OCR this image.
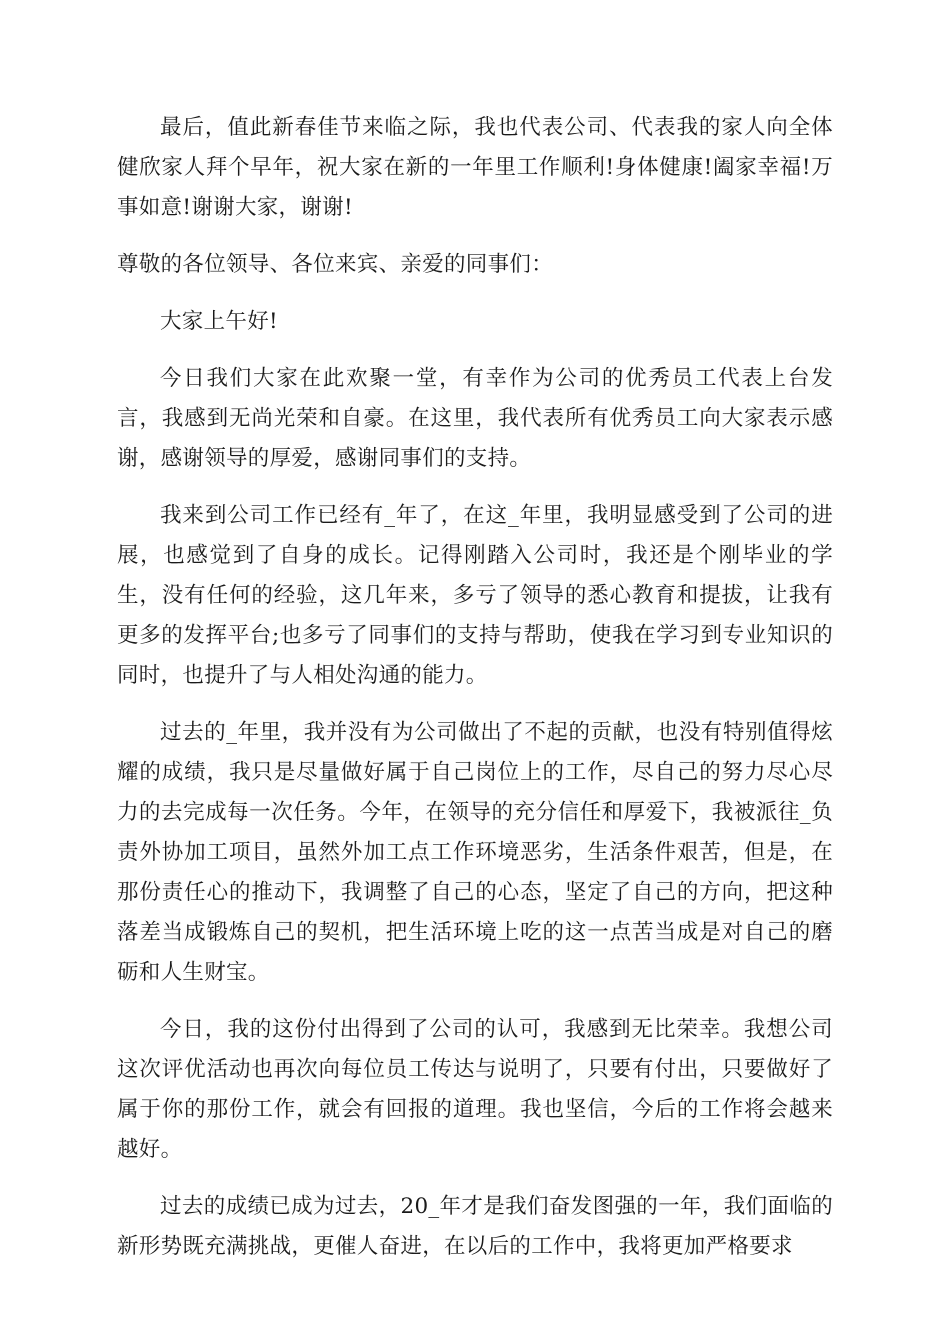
最后，值此新春佳节来临之际，我也代表公司、代表我的家人向全体健欣家人拜个早年，祝大家在新的一年里工作顺利!身体健康!阖家幸福!万事如意!谢谢大家，谢谢!

尊敬的各位领导、各位来宾、亲爱的同事们：

大家上午好!

今日我们大家在此欢聚一堂，有幸作为公司的优秀员工代表上台发言，我感到无尚光荣和自豪。在这里，我代表所有优秀员工向大家表示感谢，感谢领导的厚爱，感谢同事们的支持。

我来到公司工作已经有_年了，在这_年里，我明显感受到了公司的进展，也感觉到了自身的成长。记得刚踏入公司时，我还是个刚毕业的学生，没有任何的经验，这几年来，多亏了领导的悉心教育和提拔，让我有更多的发挥平台;也多亏了同事们的支持与帮助，使我在学习到专业知识的同时，也提升了与人相处沟通的能力。

过去的_年里，我并没有为公司做出了不起的贡献，也没有特别值得炫耀的成绩，我只是尽量做好属于自己岗位上的工作，尽自己的努力尽心尽力的去完成每一次任务。今年，在领导的充分信任和厚爱下，我被派往_负责外协加工项目，虽然外加工点工作环境恶劣，生活条件艰苦，但是，在那份责任心的推动下，我调整了自己的心态，坚定了自己的方向，把这种落差当成锻炼自己的契机，把生活环境上吃的这一点苦当成是对自己的磨砺和人生财宝。

今日，我的这份付出得到了公司的认可，我感到无比荣幸。我想公司这次评优活动也再次向每位员工传达与说明了，只要有付出，只要做好了属于你的那份工作，就会有回报的道理。我也坚信，今后的工作将会越来越好。

过去的成绩已成为过去，20_年才是我们奋发图强的一年，我们面临的新形势既充满挑战，更催人奋进，在以后的工作中，我将更加严格要求
